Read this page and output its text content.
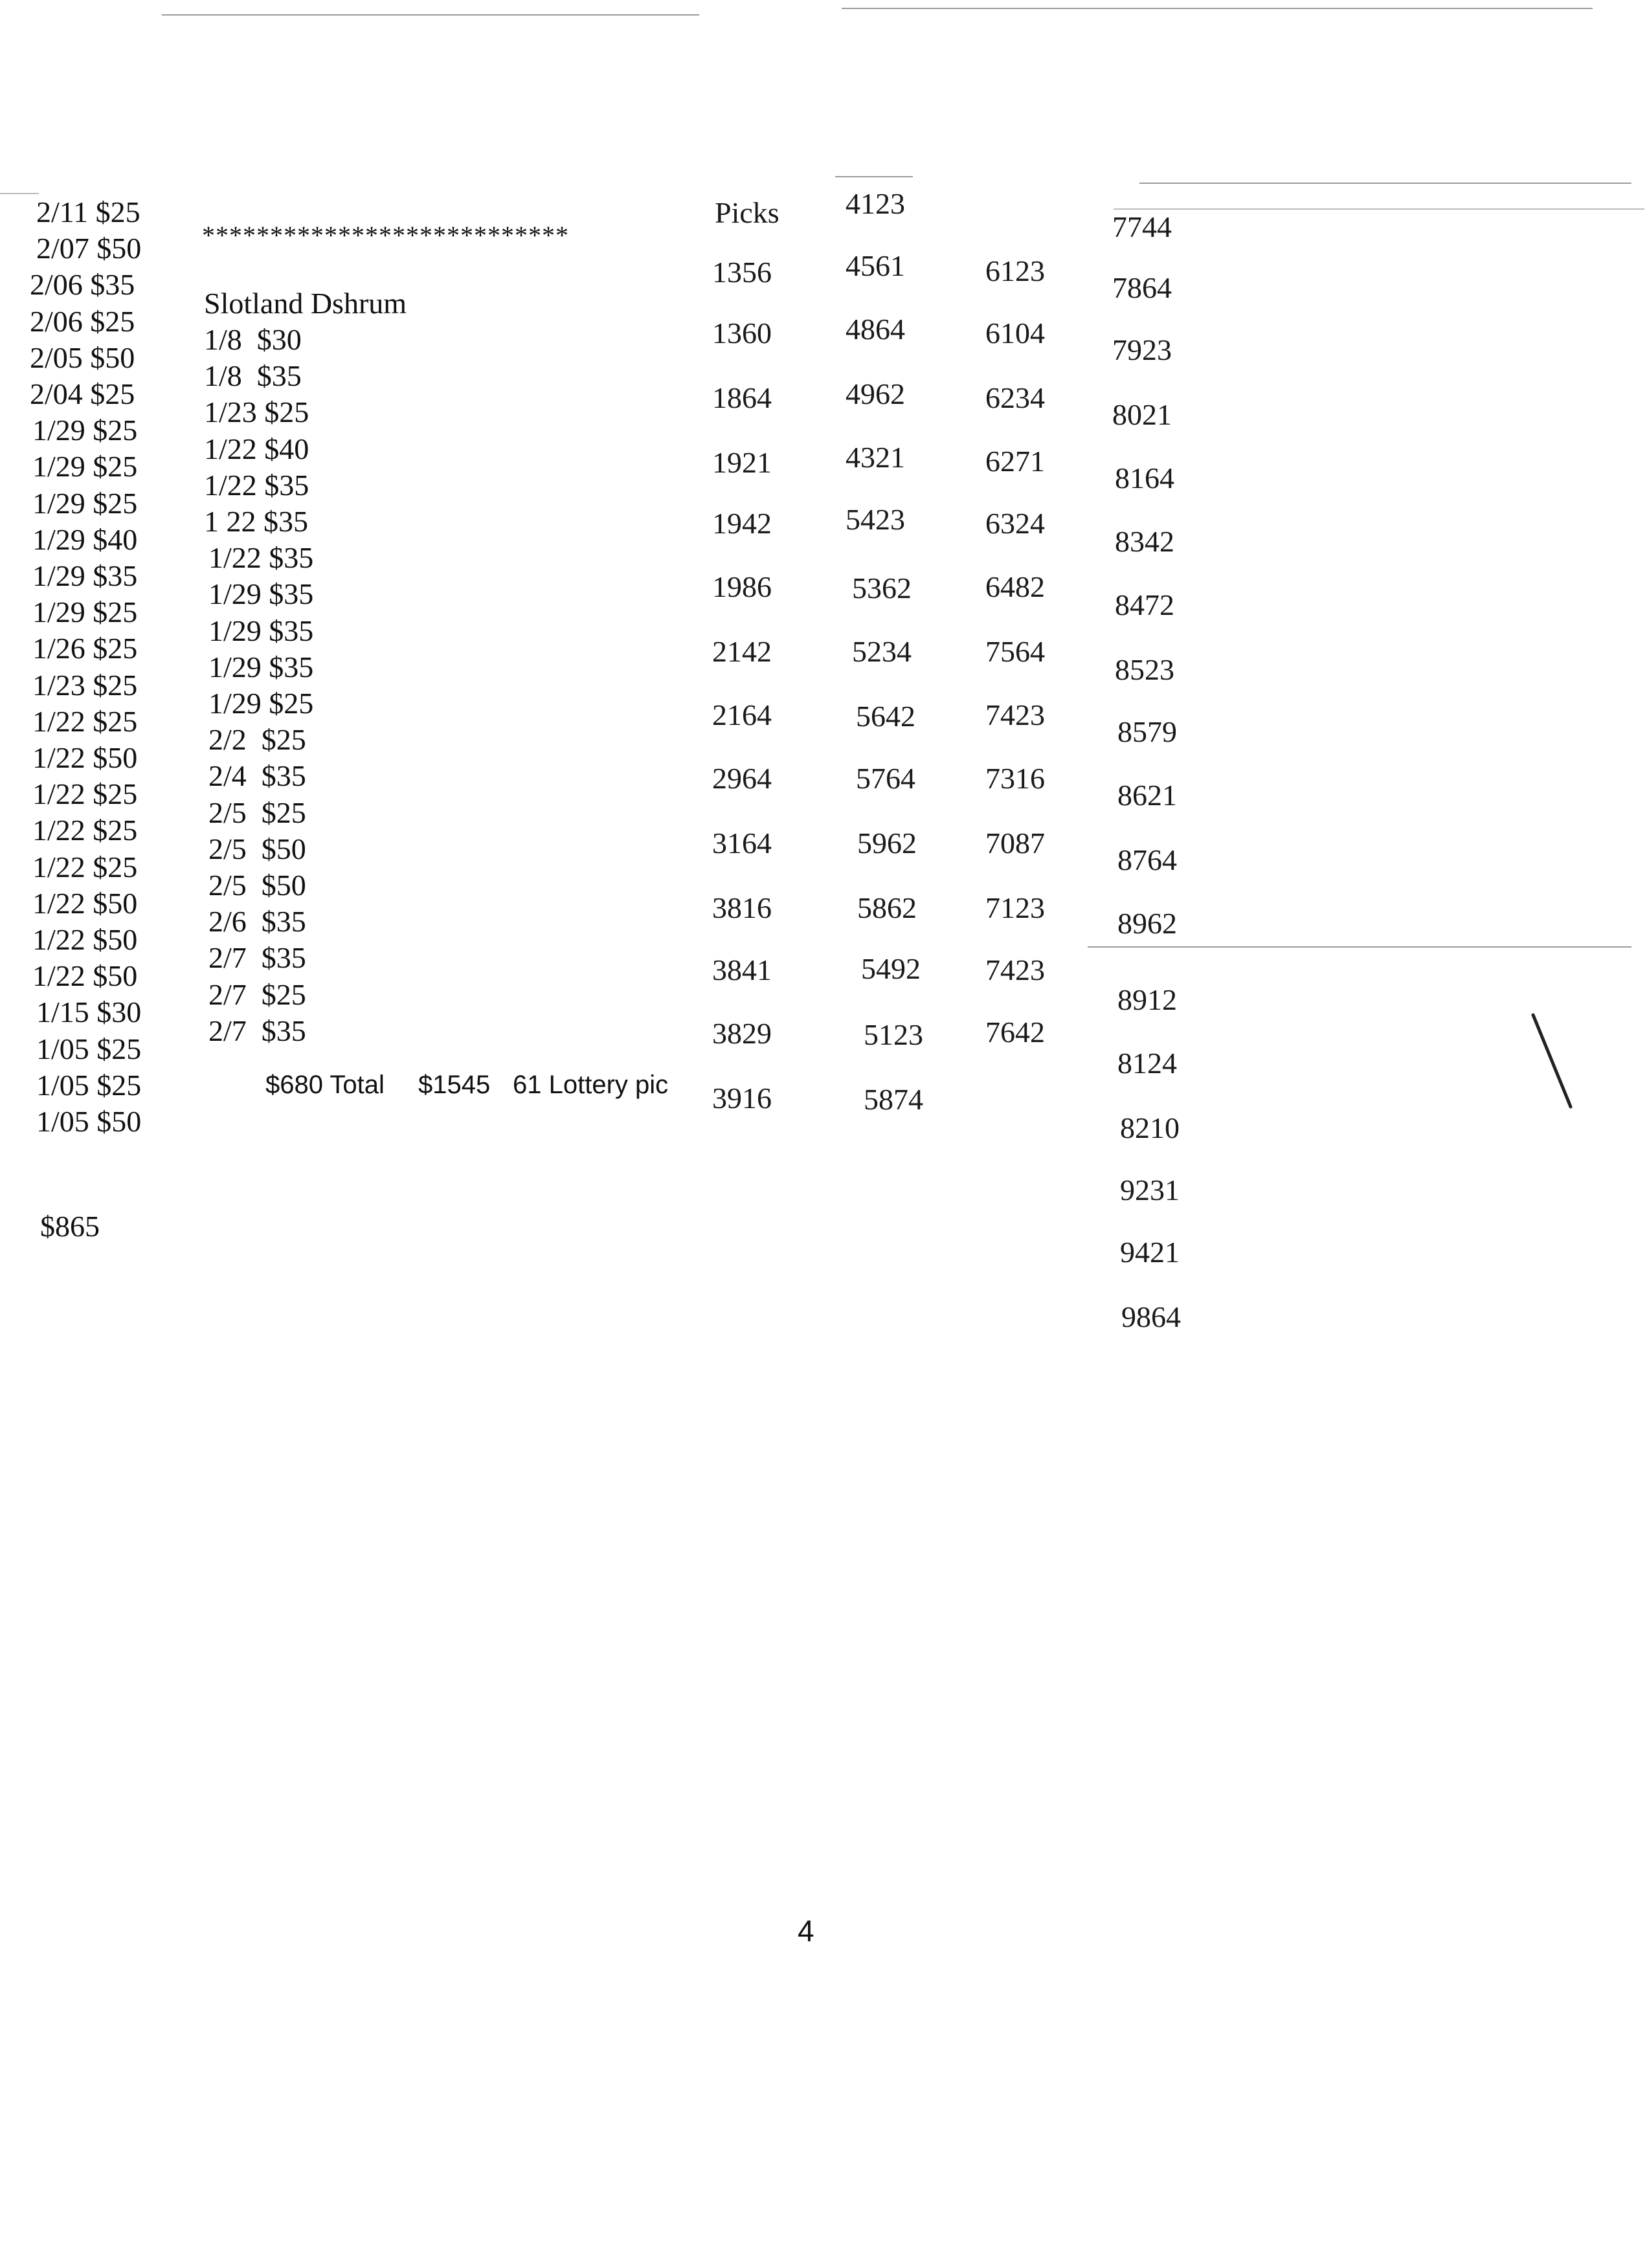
2/11 $25
2/07 $50
2/06 $35
2/06 $25
2/05 $50
2/04 $25
1/29 $25
1/29 $25
1/29 $25
1/29 $40
1/29 $35
1/29 $25
1/26 $25
1/23 $25
1/22 $25
1/22 $50
1/22 $25
1/22 $25
1/22 $25
1/22 $50
1/22 $50
1/22 $50
1/15 $30
1/05 $25
1/05 $25
1/05 $50
$865
***************************
Slotland Dshrum
1/8  $30
1/8  $35
1/23 $25
1/22 $40
1/22 $35
1 22 $35
1/22 $35
1/29 $35
1/29 $35
1/29 $35
1/29 $25
2/2  $25
2/4  $35
2/5  $25
2/5  $50
2/5  $50
2/6  $35
2/7  $35
2/7  $25
2/7  $35
$680 Total $1545 61 Lottery pic
Picks
1356
1360
1864
1921
1942
1986
2142
2164
2964
3164
3816
3841
3829
3916
4123
4561
4864
4962
4321
5423
5362
5234
5642
5764
5962
5862
5492
5123
5874
6123
6104
6234
6271
6324
6482
7564
7423
7316
7087
7123
7423
7642
7744
7864
7923
8021
8164
8342
8472
8523
8579
8621
8764
8962
8912
8124
8210
9231
9421
9864
4
